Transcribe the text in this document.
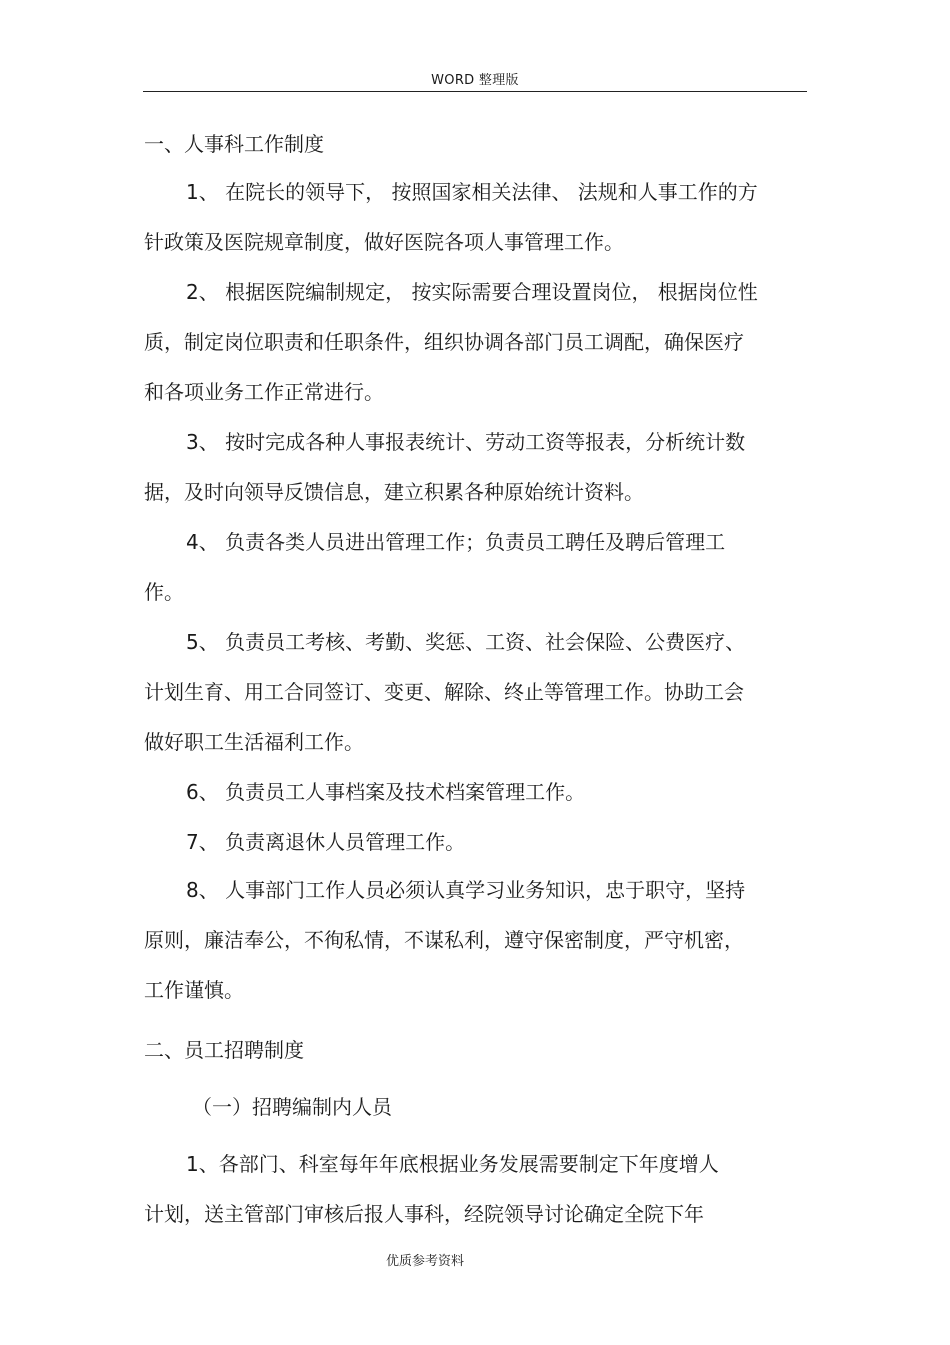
WORD 整理版
一、人事科工作制度
1、 在院长的领导下， 按照国家相关法律、 法规和人事工作的方
针政策及医院规章制度，做好医院各项人事管理工作。
2、 根据医院编制规定， 按实际需要合理设置岗位， 根据岗位性
质，制定岗位职责和任职条件，组织协调各部门员工调配，确保医疗
和各项业务工作正常进行。
3、 按时完成各种人事报表统计、劳动工资等报表，分析统计数
据，及时向领导反馈信息，建立积累各种原始统计资料。
4、 负责各类人员进出管理工作；负责员工聘任及聘后管理工
作。
5、 负责员工考核、考勤、奖惩、工资、社会保险、公费医疗、
计划生育、用工合同签订、变更、解除、终止等管理工作。协助工会
做好职工生活福利工作。
6、 负责员工人事档案及技术档案管理工作。
7、 负责离退休人员管理工作。
8、 人事部门工作人员必须认真学习业务知识，忠于职守，坚持
原则，廉洁奉公，不徇私情，不谋私利，遵守保密制度，严守机密，
工作谨慎。
二、员工招聘制度
（一）招聘编制内人员
1、各部门、科室每年年底根据业务发展需要制定下年度增人
计划，送主管部门审核后报人事科，经院领导讨论确定全院下年
优质参考资料
